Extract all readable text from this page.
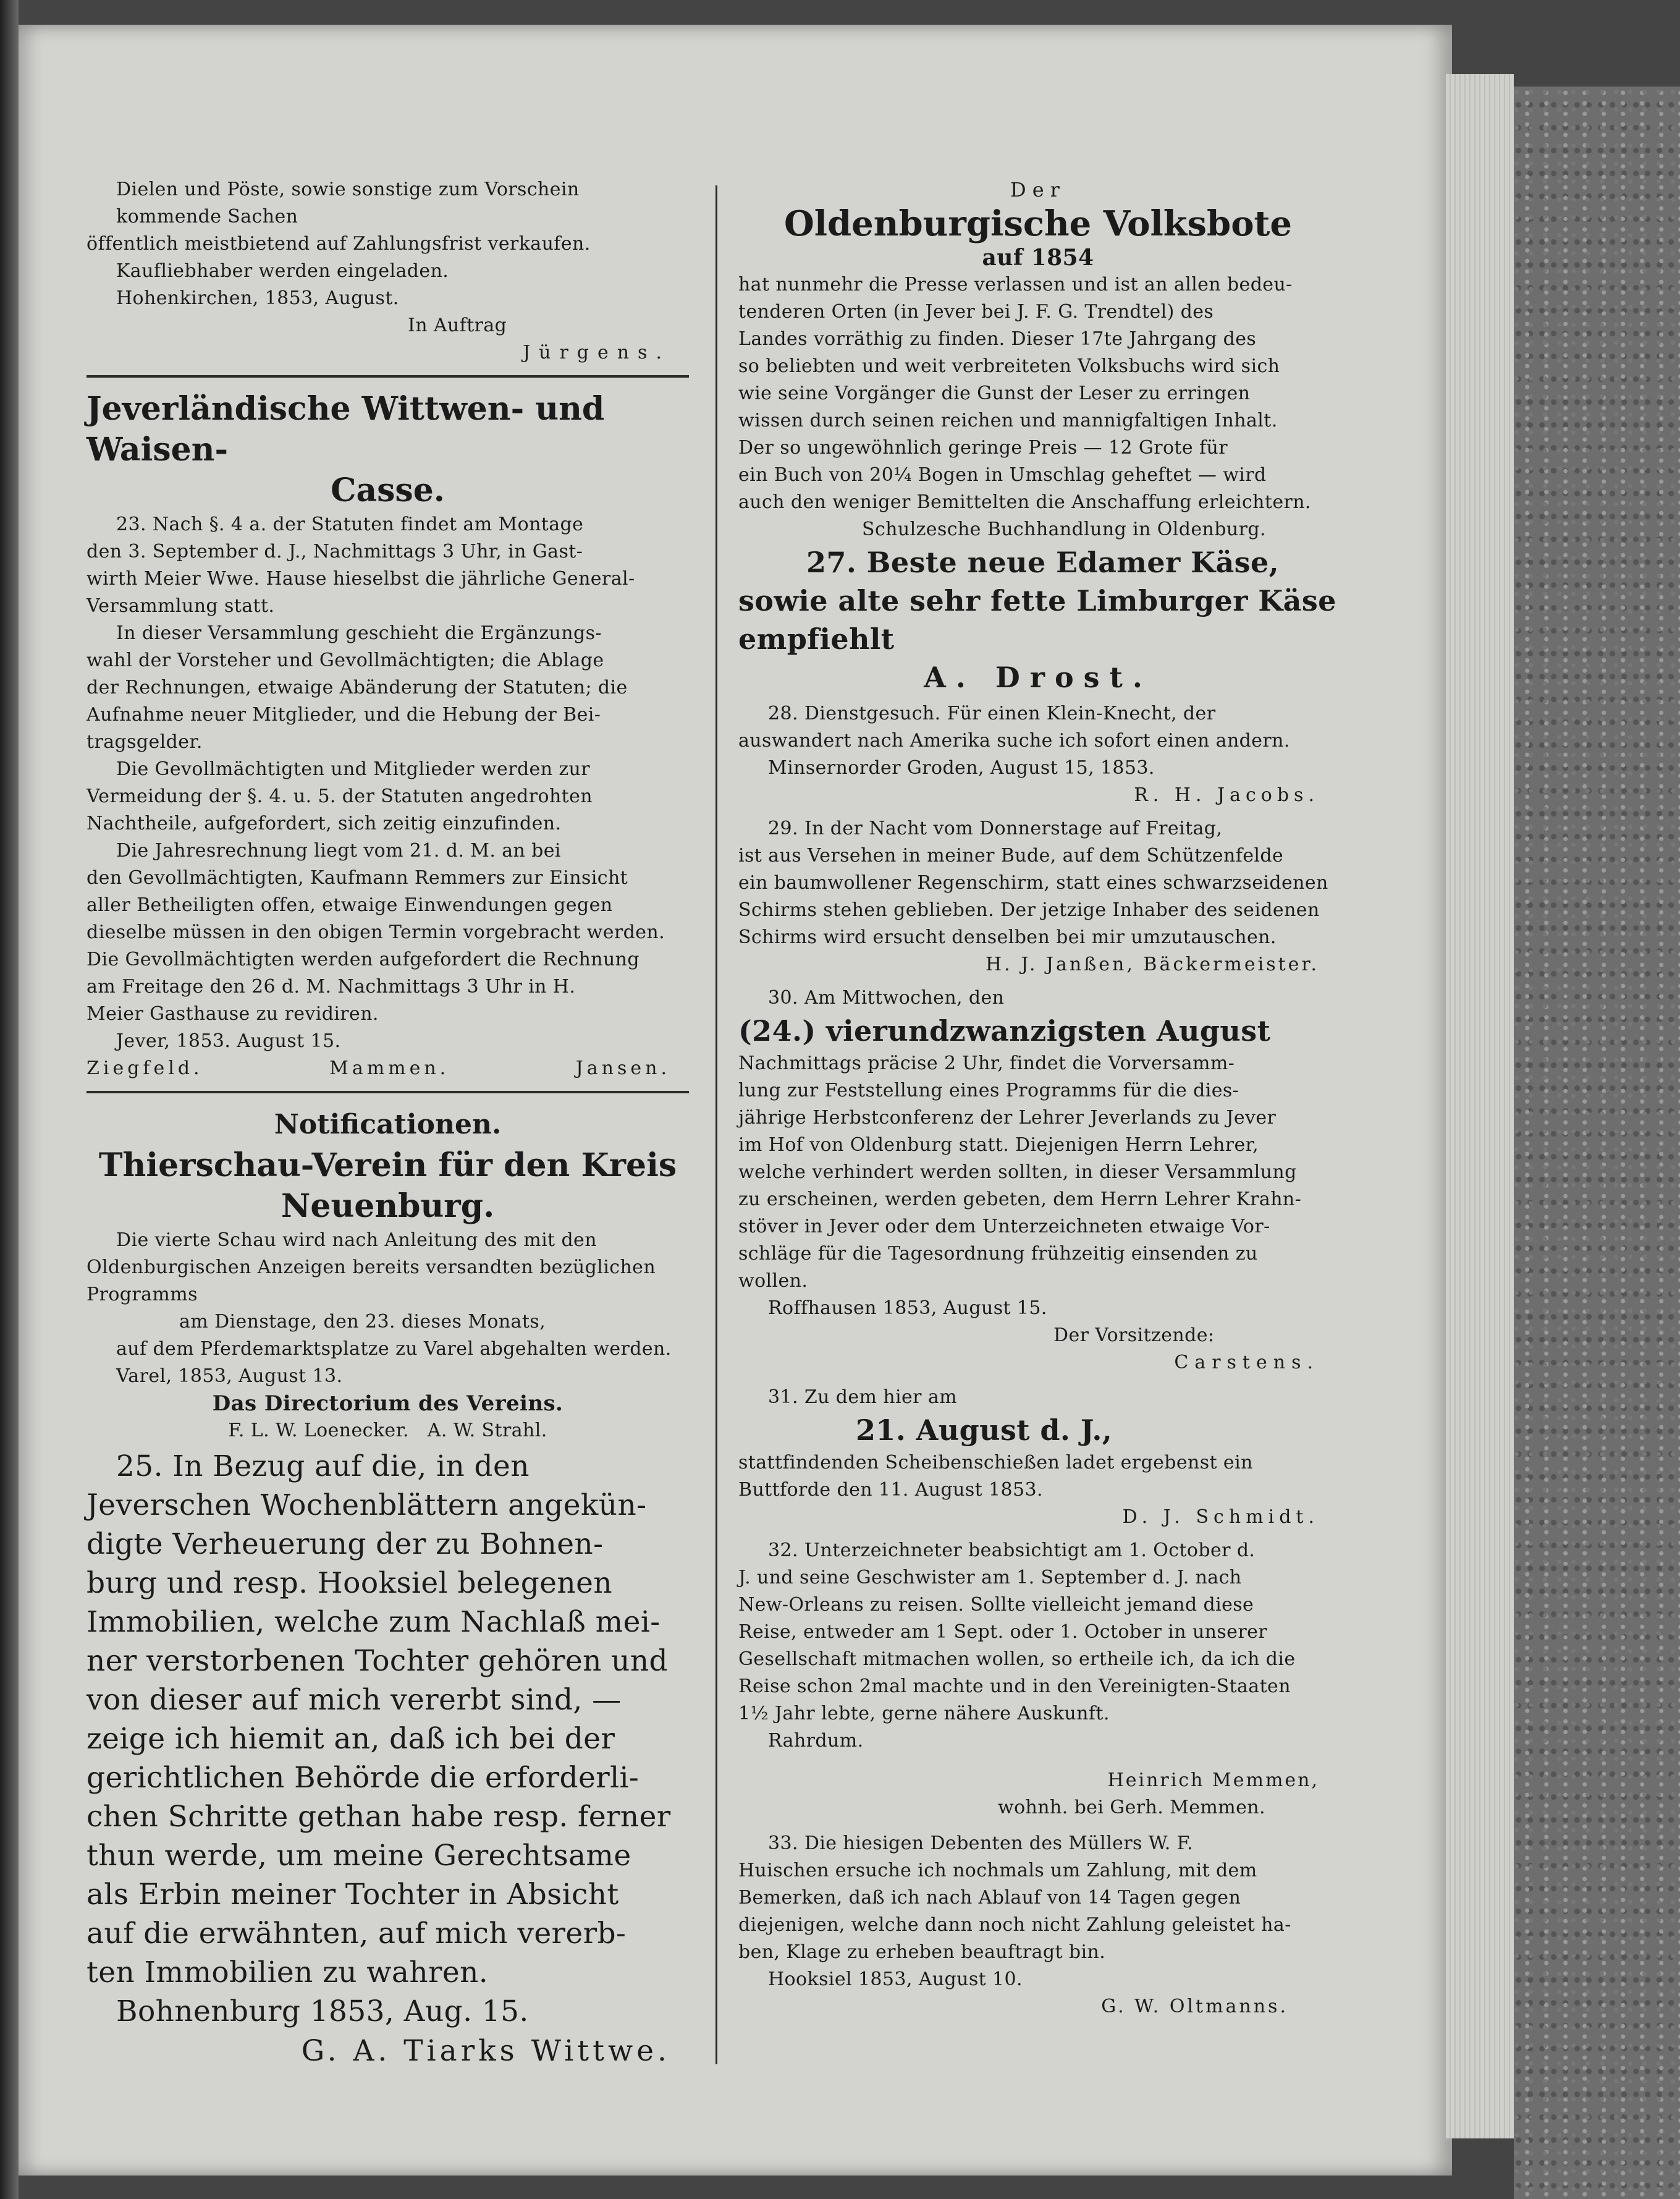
Dielen und Pöste, sowie sonstige zum Vorschein

kommende Sachen

öffentlich meistbietend auf Zahlungsfrist verkaufen.

Kaufliebhaber werden eingeladen.

Hohenkirchen, 1853, August.

In Auftrag

Jürgens.

Jeverländische Wittwen- und Waisen-

Casse.

23. Nach §. 4 a. der Statuten findet am Montage

den 3. September d. J., Nachmittags 3 Uhr, in Gast-

wirth Meier Wwe. Hause hieselbst die jährliche General-

Versammlung statt.

In dieser Versammlung geschieht die Ergänzungs-

wahl der Vorsteher und Gevollmächtigten; die Ablage

der Rechnungen, etwaige Abänderung der Statuten; die

Aufnahme neuer Mitglieder, und die Hebung der Bei-

tragsgelder.

Die Gevollmächtigten und Mitglieder werden zur

Vermeidung der §. 4. u. 5. der Statuten angedrohten

Nachtheile, aufgefordert, sich zeitig einzufinden.

Die Jahresrechnung liegt vom 21. d. M. an bei

den Gevollmächtigten, Kaufmann Remmers zur Einsicht

aller Betheiligten offen, etwaige Einwendungen gegen

dieselbe müssen in den obigen Termin vorgebracht werden.

Die Gevollmächtigten werden aufgefordert die Rechnung

am Freitage den 26 d. M. Nachmittags 3 Uhr in H.

Meier Gasthause zu revidiren.

Jever, 1853. August 15.

Ziegfeld.	Mammen.	Jansen.

Notificationen.

Thierschau-Verein für den Kreis

Neuenburg.

Die vierte Schau wird nach Anleitung des mit den

Oldenburgischen Anzeigen bereits versandten bezüglichen

Programms

am Dienstage, den 23. dieses Monats,

auf dem Pferdemarktsplatze zu Varel abgehalten werden.

Varel, 1853, August 13.

Das Directorium des Vereins.

F. L. W. Loenecker.   A. W. Strahl.

25. In Bezug auf die, in den

Jeverschen Wochenblättern angekün-

digte Verheuerung der zu Bohnen-

burg und resp. Hooksiel belegenen

Immobilien, welche zum Nachlaß mei-

ner verstorbenen Tochter gehören und

von dieser auf mich vererbt sind, —

zeige ich hiemit an, daß ich bei der

gerichtlichen Behörde die erforderli-

chen Schritte gethan habe resp. ferner

thun werde, um meine Gerechtsame

als Erbin meiner Tochter in Absicht

auf die erwähnten, auf mich vererb-

ten Immobilien zu wahren.

Bohnenburg 1853, Aug. 15.

G. A. Tiarks Wittwe.

Der

Oldenburgische Volksbote

auf 1854

hat nunmehr die Presse verlassen und ist an allen bedeu-

tenderen Orten (in Jever bei J. F. G. Trendtel) des

Landes vorräthig zu finden. Dieser 17te Jahrgang des

so beliebten und weit verbreiteten Volksbuchs wird sich

wie seine Vorgänger die Gunst der Leser zu erringen

wissen durch seinen reichen und mannigfaltigen Inhalt.

Der so ungewöhnlich geringe Preis — 12 Grote für

ein Buch von 20¼ Bogen in Umschlag geheftet — wird

auch den weniger Bemittelten die Anschaffung erleichtern.

Schulzesche Buchhandlung in Oldenburg.

27. Beste neue Edamer Käse,

sowie alte sehr fette Limburger Käse

empfiehlt

A. Drost.

28. Dienstgesuch. Für einen Klein-Knecht, der

auswandert nach Amerika suche ich sofort einen andern.

Minsernorder Groden, August 15, 1853.

R. H. Jacobs.

29. In der Nacht vom Donnerstage auf Freitag,

ist aus Versehen in meiner Bude, auf dem Schützenfelde

ein baumwollener Regenschirm, statt eines schwarzseidenen

Schirms stehen geblieben. Der jetzige Inhaber des seidenen

Schirms wird ersucht denselben bei mir umzutauschen.

H. J. Janßen, Bäckermeister.

30. Am Mittwochen, den

(24.) vierundzwanzigsten August

Nachmittags präcise 2 Uhr, findet die Vorversamm-

lung zur Feststellung eines Programms für die dies-

jährige Herbstconferenz der Lehrer Jeverlands zu Jever

im Hof von Oldenburg statt. Diejenigen Herrn Lehrer,

welche verhindert werden sollten, in dieser Versammlung

zu erscheinen, werden gebeten, dem Herrn Lehrer Krahn-

stöver in Jever oder dem Unterzeichneten etwaige Vor-

schläge für die Tagesordnung frühzeitig einsenden zu

wollen.

Roffhausen 1853, August 15.

Der Vorsitzende:

Carstens.

31. Zu dem hier am

21. August d. J.,

stattfindenden Scheibenschießen ladet ergebenst ein

Buttforde den 11. August 1853.

D. J. Schmidt.

32. Unterzeichneter beabsichtigt am 1. October d.

J. und seine Geschwister am 1. September d. J. nach

New-Orleans zu reisen. Sollte vielleicht jemand diese

Reise, entweder am 1 Sept. oder 1. October in unserer

Gesellschaft mitmachen wollen, so ertheile ich, da ich die

Reise schon 2mal machte und in den Vereinigten-Staaten

1½ Jahr lebte, gerne nähere Auskunft.

Rahrdum.

Heinrich Memmen,

wohnh. bei Gerh. Memmen.

33. Die hiesigen Debenten des Müllers W. F.

Huischen ersuche ich nochmals um Zahlung, mit dem

Bemerken, daß ich nach Ablauf von 14 Tagen gegen

diejenigen, welche dann noch nicht Zahlung geleistet ha-

ben, Klage zu erheben beauftragt bin.

Hooksiel 1853, August 10.

G. W. Oltmanns.
